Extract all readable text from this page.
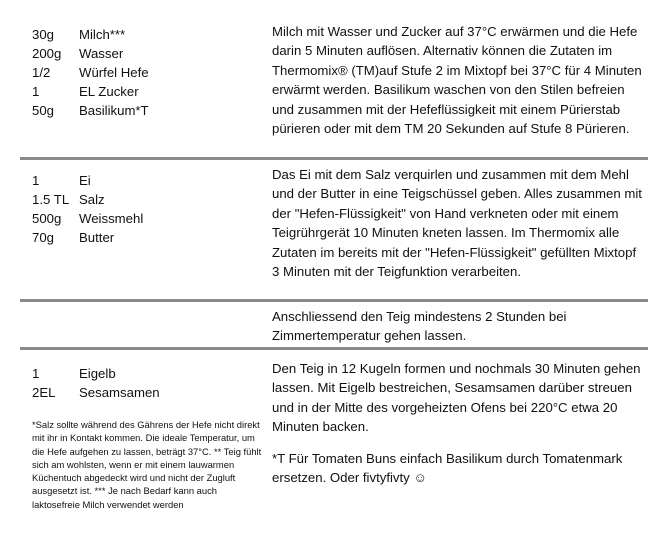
30g	Milch***
200g	Wasser
1/2	Würfel Hefe
1	EL Zucker
50g	Basilikum*T

Milch mit Wasser und Zucker auf 37°C erwärmen und die Hefe darin 5 Minuten auflösen. Alternativ können die Zutaten im Thermomix® (TM)auf Stufe 2 im Mixtopf bei 37°C für 4 Minuten erwärmt werden. Basilikum waschen von den Stilen befreien und zusammen mit der Hefeflüssigkeit mit einem Pürierstab pürieren oder mit dem TM 20 Sekunden auf Stufe 8 Pürieren.

1	Ei
1.5 TL Salz
500g	Weissmehl
70g	Butter

Das Ei mit dem Salz verquirlen und zusammen mit dem Mehl und der Butter in eine Teigschüssel geben. Alles zusammen mit der "Hefen-Flüssigkeit" von Hand verkneten oder mit einem Teigrührgerät 10 Minuten kneten lassen. Im Thermomix alle Zutaten im bereits mit der "Hefen-Flüssigkeit" gefüllten Mixtopf 3 Minuten mit der Teigfunktion verarbeiten.

Anschliessend den Teig mindestens 2 Stunden bei Zimmertemperatur gehen lassen.

1	Eigelb
2EL	Sesamsamen

Den Teig in 12 Kugeln formen und nochmals 30 Minuten gehen lassen. Mit Eigelb bestreichen, Sesamsamen darüber streuen und in der Mitte des vorgeheizten Ofens bei 220°C etwa 20 Minuten backen.

*T Für Tomaten Buns einfach Basilikum durch Tomatenmark ersetzen. Oder fivtyfivty ☺

*Salz sollte während des Gährens der Hefe nicht direkt mit ihr in Kontakt kommen. Die ideale Temperatur, um die Hefe aufgehen zu lassen, beträgt 37°C. ** Teig fühlt sich am wohlsten, wenn er mit einem lauwarmen Küchentuch abgedeckt wird und nicht der Zugluft ausgesetzt ist. *** Je nach Bedarf kann auch laktosefreie Milch verwendet werden
